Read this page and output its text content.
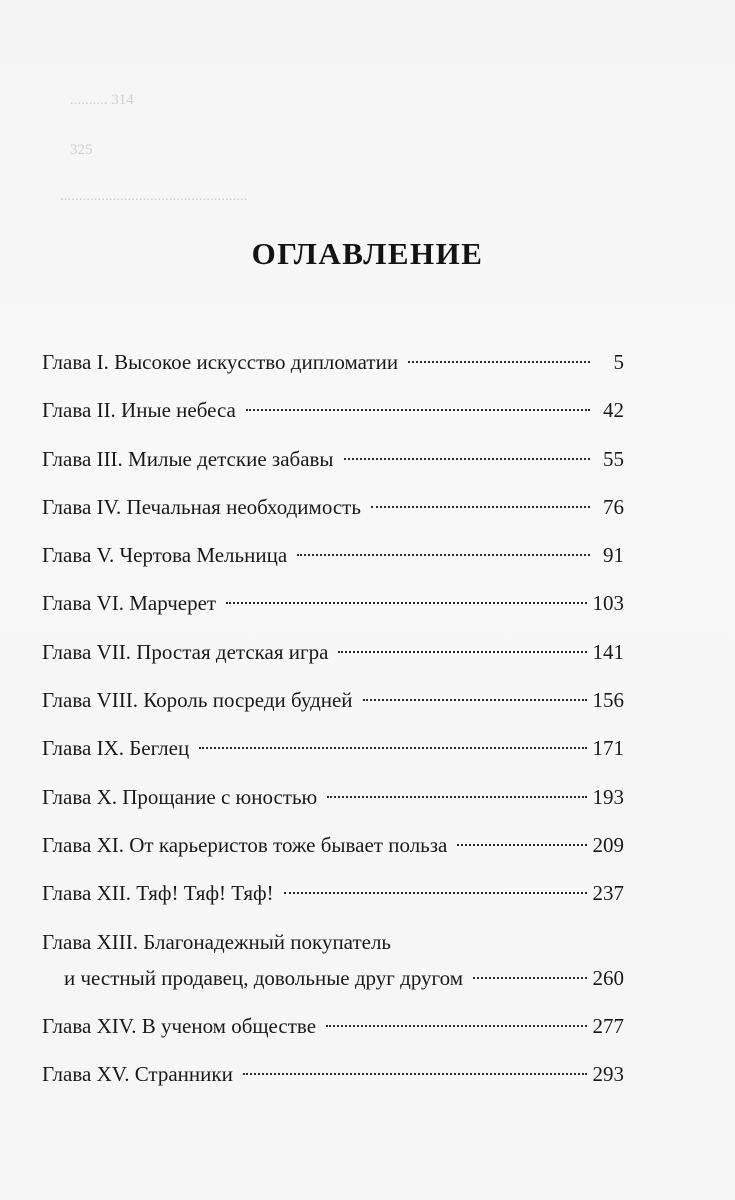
.......... 314
325
..................................................
ОГЛАВЛЕНИЕ
Глава I. Высокое искусство дипломатии	5
Глава II. Иные небеса	42
Глава III. Милые детские забавы	55
Глава IV. Печальная необходимость	76
Глава V. Чертова Мельница	91
Глава VI. Марчерет	103
Глава VII. Простая детская игра	141
Глава VIII. Король посреди будней	156
Глава IX. Беглец	171
Глава X. Прощание с юностью	193
Глава XI. От карьеристов тоже бывает польза	209
Глава XII. Тяф! Тяф! Тяф!	237
Глава XIII. Благонадежный покупатель
и честный продавец, довольные друг другом	260
Глава XIV. В ученом обществе	277
Глава XV. Странники	293
